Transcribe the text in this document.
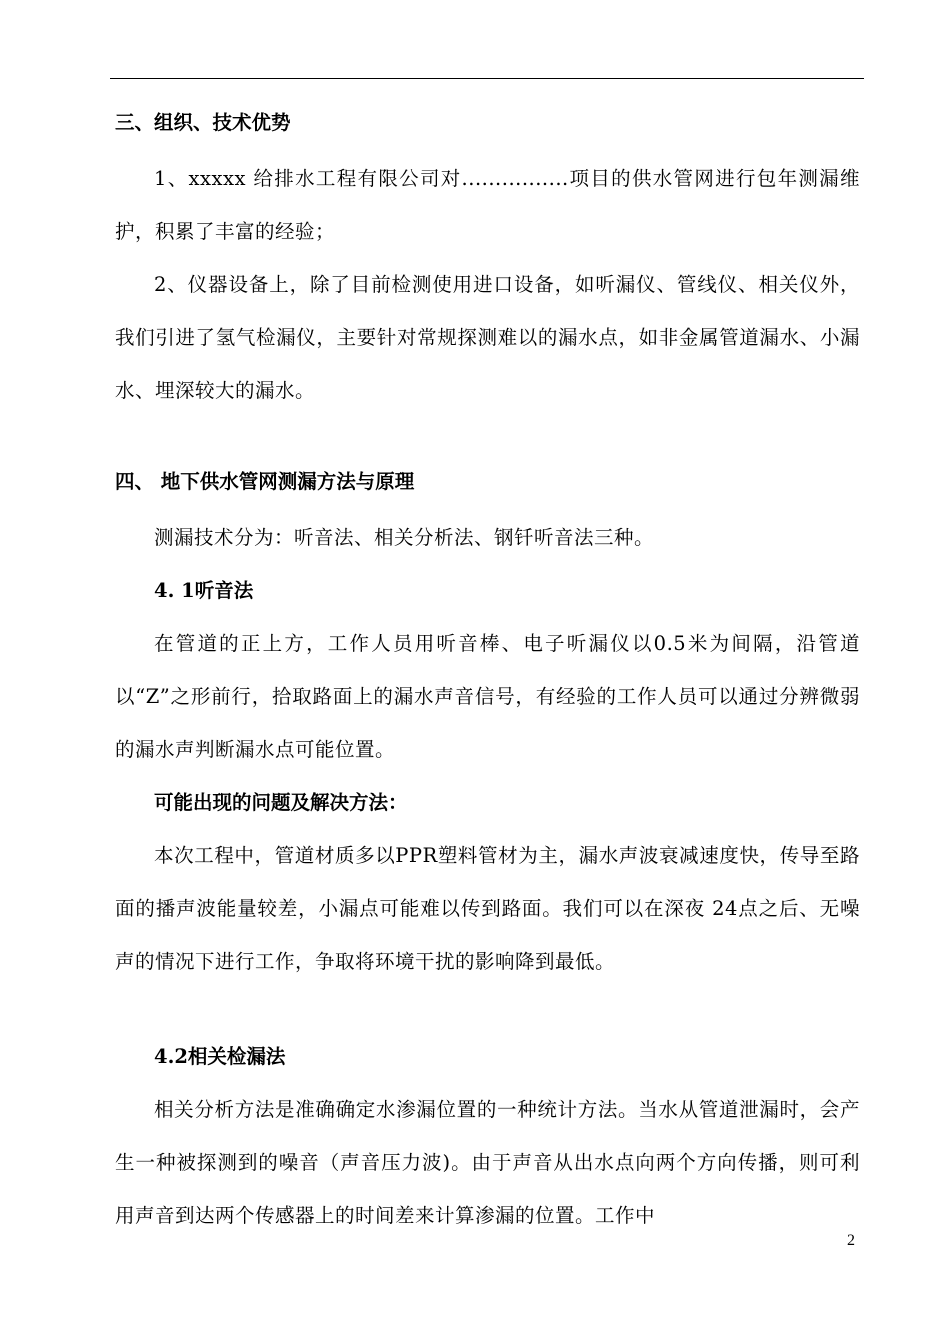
三、组织、技术优势

1、xxxxx 给排水工程有限公司对................项目的供水管网进行包年测漏维护，积累了丰富的经验；

2、仪器设备上，除了目前检测使用进口设备，如听漏仪、管线仪、相关仪外，我们引进了氢气检漏仪，主要针对常规探测难以的漏水点，如非金属管道漏水、小漏水、埋深较大的漏水。

四、 地下供水管网测漏方法与原理

测漏技术分为：听音法、相关分析法、钢钎听音法三种。

4. 1听音法

在管道的正上方，工作人员用听音棒、电子听漏仪以0.5米为间隔，沿管道以“Z”之形前行，拾取路面上的漏水声音信号，有经验的工作人员可以通过分辨微弱的漏水声判断漏水点可能位置。

可能出现的问题及解决方法：

本次工程中，管道材质多以PPR塑料管材为主，漏水声波衰减速度快，传导至路面的播声波能量较差，小漏点可能难以传到路面。我们可以在深夜 24点之后、无噪声的情况下进行工作，争取将环境干扰的影响降到最低。

4.2相关检漏法

相关分析方法是准确确定水渗漏位置的一种统计方法。当水从管道泄漏时，会产生一种被探测到的噪音（声音压力波)。由于声音从出水点向两个方向传播，则可利用声音到达两个传感器上的时间差来计算渗漏的位置。工作中

2
